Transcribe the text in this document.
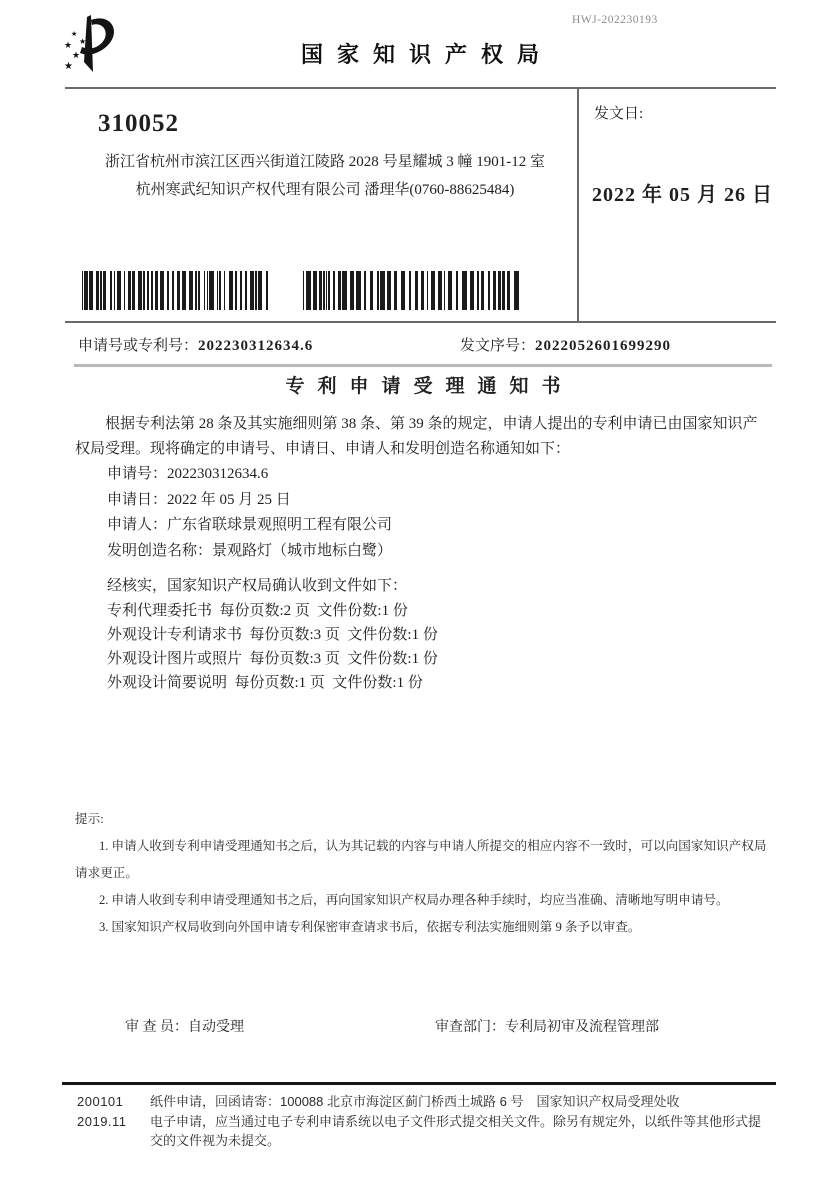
HWJ-202230193
★
★
★
★
★	国家知识产权局
310052
浙江省杭州市滨江区西兴街道江陵路 2028 号星耀城 3 幢 1901-12 室
杭州寒武纪知识产权代理有限公司 潘理华(0760-88625484)
发文日:
2022 年 05 月 26 日
申请号或专利号：202230312634.6	发文序号：2022052601699290
专利申请受理通知书

根据专利法第 28 条及其实施细则第 38 条、第 39 条的规定，申请人提出的专利申请已由国家知识产权局受理。现将确定的申请号、申请日、申请人和发明创造名称通知如下：

申请号：202230312634.6
申请日：2022 年 05 月 25 日
申请人：广东省联球景观照明工程有限公司
发明创造名称：景观路灯（城市地标白鹭）
经核实，国家知识产权局确认收到文件如下：
专利代理委托书  每份页数:2 页  文件份数:1 份
外观设计专利请求书  每份页数:3 页  文件份数:1 份
外观设计图片或照片  每份页数:3 页  文件份数:1 份
外观设计简要说明  每份页数:1 页  文件份数:1 份
提示:

1. 申请人收到专利申请受理通知书之后，认为其记载的内容与申请人所提交的相应内容不一致时，可以向国家知识产权局请求更正。

2. 申请人收到专利申请受理通知书之后，再向国家知识产权局办理各种手续时，均应当准确、清晰地写明申请号。

3. 国家知识产权局收到向外国申请专利保密审查请求书后，依据专利法实施细则第 9 条予以审查。

审 查 员：自动受理	审查部门：专利局初审及流程管理部
200101 纸件申请，回函请寄：100088 北京市海淀区蓟门桥西土城路 6 号　国家知识产权局受理处收
2019.11 电子申请，应当通过电子专利申请系统以电子文件形式提交相关文件。除另有规定外，以纸件等其他形式提交的文件视为未提交。
